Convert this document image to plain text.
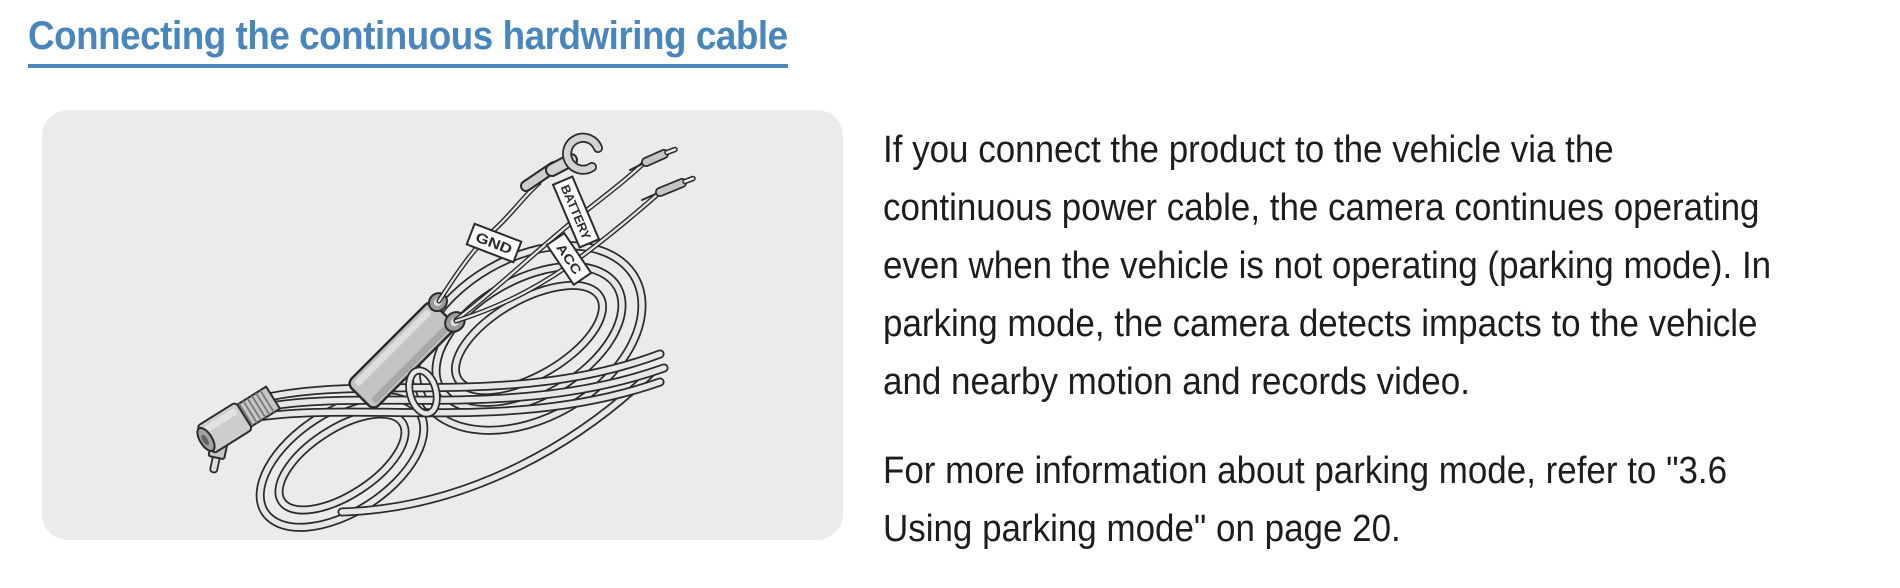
Connecting the continuous hardwiring cable
GND
BATTERY
ACC
If you connect the product to the vehicle via the
continuous power cable, the camera continues operating
even when the vehicle is not operating (parking mode). In
parking mode, the camera detects impacts to the vehicle
and nearby motion and records video.
For more information about parking mode, refer to "3.6
Using parking mode" on page 20.
